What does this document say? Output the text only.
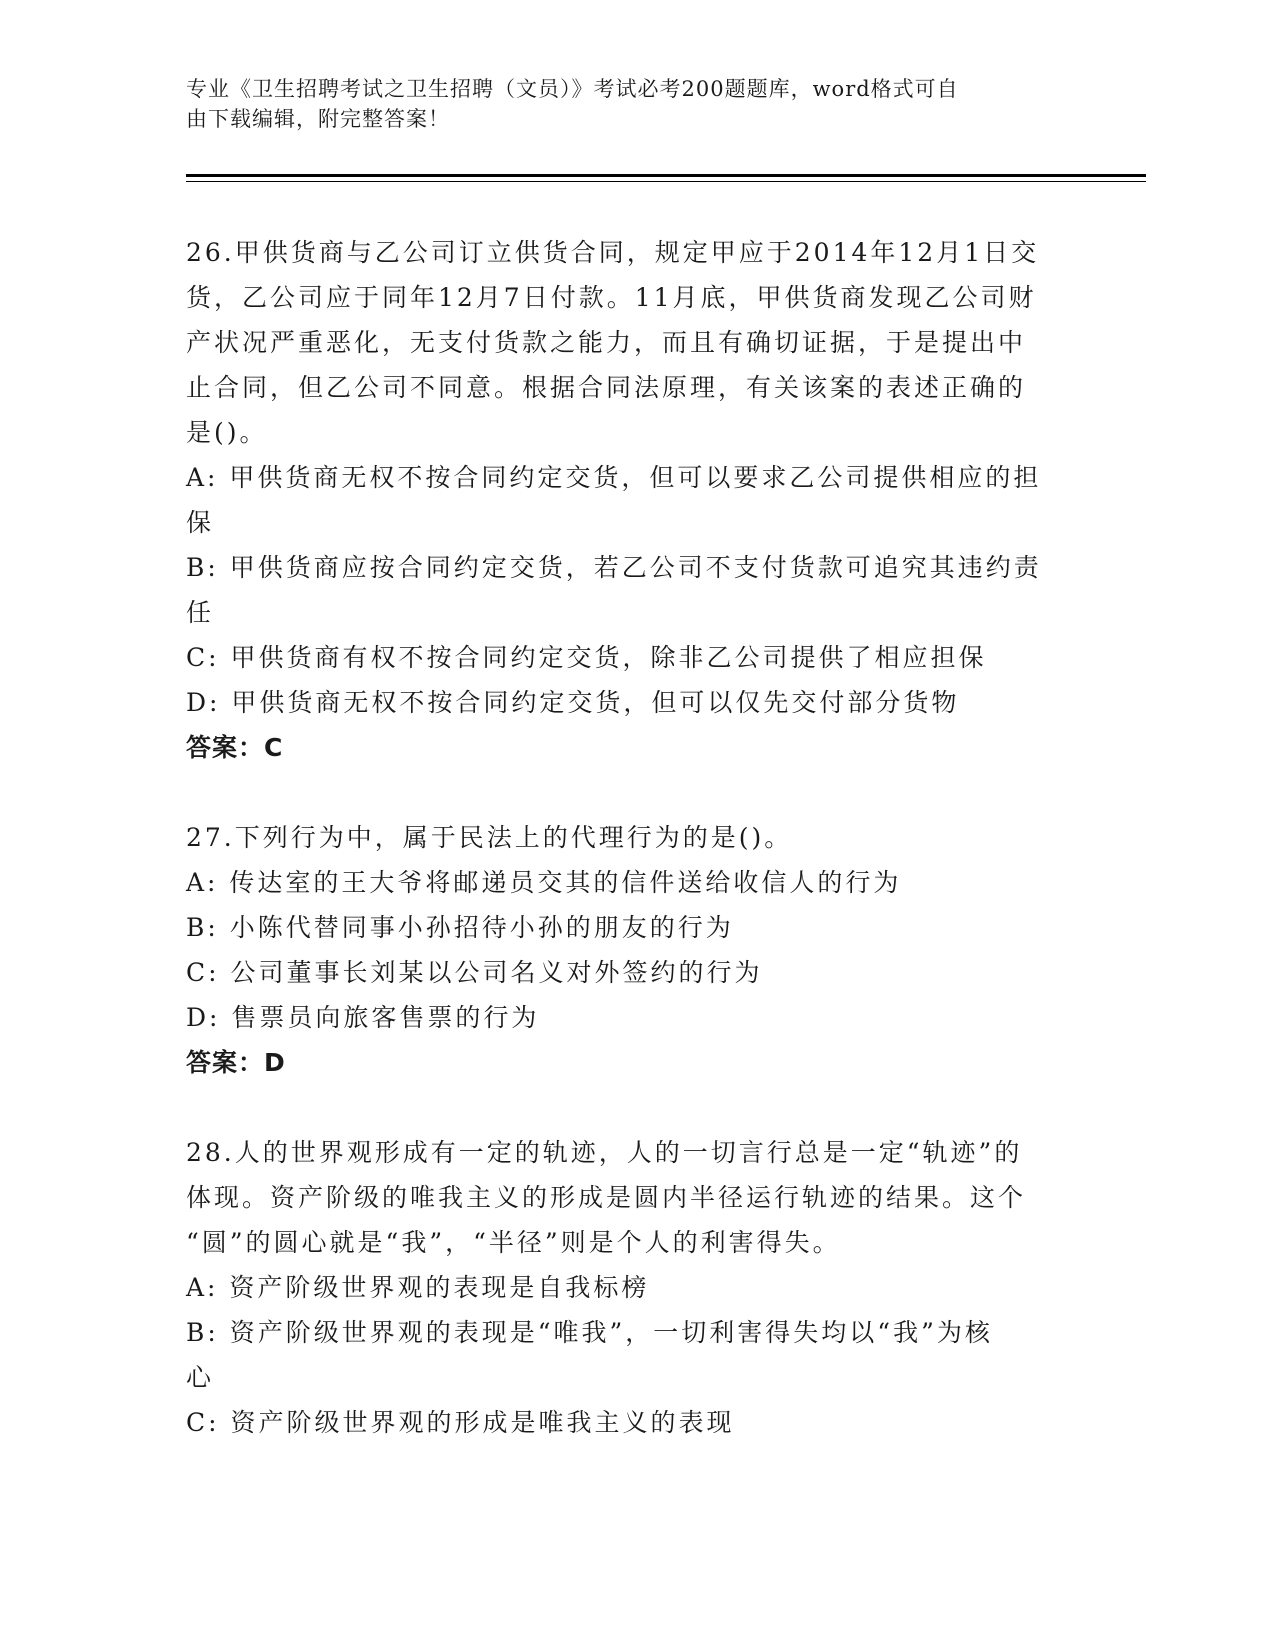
专业《卫生招聘考试之卫生招聘（文员）》考试必考200题题库，word格式可自

由下载编辑，附完整答案！

26.甲供货商与乙公司订立供货合同，规定甲应于2014年12月1日交

货，乙公司应于同年12月7日付款。11月底，甲供货商发现乙公司财

产状况严重恶化，无支付货款之能力，而且有确切证据，于是提出中

止合同，但乙公司不同意。根据合同法原理，有关该案的表述正确的

是()。

A: 甲供货商无权不按合同约定交货，但可以要求乙公司提供相应的担

保

B: 甲供货商应按合同约定交货，若乙公司不支付货款可追究其违约责

任

C: 甲供货商有权不按合同约定交货，除非乙公司提供了相应担保

D: 甲供货商无权不按合同约定交货，但可以仅先交付部分货物

答案：C

27.下列行为中，属于民法上的代理行为的是()。

A: 传达室的王大爷将邮递员交其的信件送给收信人的行为

B: 小陈代替同事小孙招待小孙的朋友的行为

C: 公司董事长刘某以公司名义对外签约的行为

D: 售票员向旅客售票的行为

答案：D

28.人的世界观形成有一定的轨迹，人的一切言行总是一定“轨迹”的

体现。资产阶级的唯我主义的形成是圆内半径运行轨迹的结果。这个

“圆”的圆心就是“我”，“半径”则是个人的利害得失。

A: 资产阶级世界观的表现是自我标榜

B: 资产阶级世界观的表现是“唯我”，一切利害得失均以“我”为核

心

C: 资产阶级世界观的形成是唯我主义的表现
